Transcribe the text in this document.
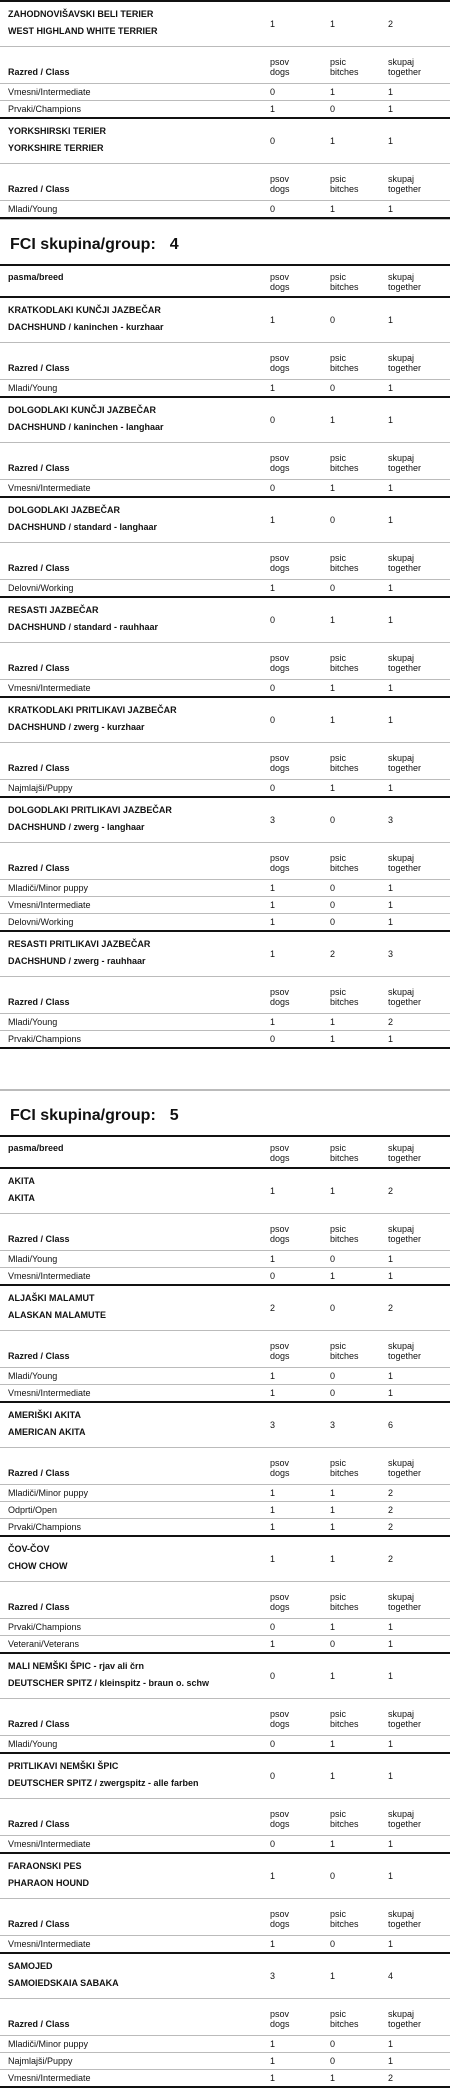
ZAHODNOVIŠAVSKI BELI TERIER
WEST HIGHLAND WHITE TERRIER
1	1	2
Razred / Class
psov
dogs
psic
bitches
skupaj
together
Vmesni/Intermediate	0	1	1
Prvaki/Champions	1	0	1
YORKSHIRSKI TERIER
YORKSHIRE TERRIER
0	1	1
Razred / Class
psov
dogs
psic
bitches
skupaj
together
Mladi/Young	0	1	1
FCI skupina/group: 4
pasma/breed	psov
dogs
psic
bitches
skupaj
together
KRATKODLAKI KUNČJI JAZBEČAR
DACHSHUND / kaninchen - kurzhaar
1	0	1
Razred / Class
psov
dogs
psic
bitches
skupaj
together
Mladi/Young	1	0	1
DOLGODLAKI KUNČJI JAZBEČAR
DACHSHUND / kaninchen - langhaar
0	1	1
Razred / Class
psov
dogs
psic
bitches
skupaj
together
Vmesni/Intermediate	0	1	1
DOLGODLAKI JAZBEČAR
DACHSHUND / standard - langhaar
1	0	1
Razred / Class
psov
dogs
psic
bitches
skupaj
together
Delovni/Working	1	0	1
RESASTI JAZBEČAR
DACHSHUND / standard - rauhhaar
0	1	1
Razred / Class
psov
dogs
psic
bitches
skupaj
together
Vmesni/Intermediate	0	1	1
KRATKODLAKI PRITLIKAVI JAZBEČAR
DACHSHUND / zwerg - kurzhaar
0	1	1
Razred / Class
psov
dogs
psic
bitches
skupaj
together
Najmlajši/Puppy	0	1	1
DOLGODLAKI PRITLIKAVI JAZBEČAR
DACHSHUND / zwerg - langhaar
3	0	3
Razred / Class
psov
dogs
psic
bitches
skupaj
together
Mladiči/Minor puppy	1	0	1
Vmesni/Intermediate	1	0	1
Delovni/Working	1	0	1
RESASTI PRITLIKAVI JAZBEČAR
DACHSHUND / zwerg - rauhhaar
1	2	3
Razred / Class
psov
dogs
psic
bitches
skupaj
together
Mladi/Young	1	1	2
Prvaki/Champions	0	1	1
FCI skupina/group: 5
pasma/breed	psov
dogs
psic
bitches
skupaj
together
AKITA
AKITA
1	1	2
Razred / Class
psov
dogs
psic
bitches
skupaj
together
Mladi/Young	1	0	1
Vmesni/Intermediate	0	1	1
ALJAŠKI MALAMUT
ALASKAN MALAMUTE
2	0	2
Razred / Class
psov
dogs
psic
bitches
skupaj
together
Mladi/Young	1	0	1
Vmesni/Intermediate	1	0	1
AMERIŠKI AKITA
AMERICAN AKITA
3	3	6
Razred / Class
psov
dogs
psic
bitches
skupaj
together
Mladiči/Minor puppy	1	1	2
Odprti/Open	1	1	2
Prvaki/Champions	1	1	2
ČOV-ČOV
CHOW CHOW
1	1	2
Razred / Class
psov
dogs
psic
bitches
skupaj
together
Prvaki/Champions	0	1	1
Veterani/Veterans	1	0	1
MALI NEMŠKI ŠPIC - rjav ali črn
DEUTSCHER SPITZ / kleinspitz - braun o. schw
0	1	1
Razred / Class
psov
dogs
psic
bitches
skupaj
together
Mladi/Young	0	1	1
PRITLIKAVI NEMŠKI ŠPIC
DEUTSCHER SPITZ / zwergspitz - alle farben
0	1	1
Razred / Class
psov
dogs
psic
bitches
skupaj
together
Vmesni/Intermediate	0	1	1
FARAONSKI PES
PHARAON HOUND
1	0	1
Razred / Class
psov
dogs
psic
bitches
skupaj
together
Vmesni/Intermediate	1	0	1
SAMOJED
SAMOIEDSKAIA SABAKA
3	1	4
Razred / Class
psov
dogs
psic
bitches
skupaj
together
Mladiči/Minor puppy	1	0	1
Najmlajši/Puppy	1	0	1
Vmesni/Intermediate	1	1	2
